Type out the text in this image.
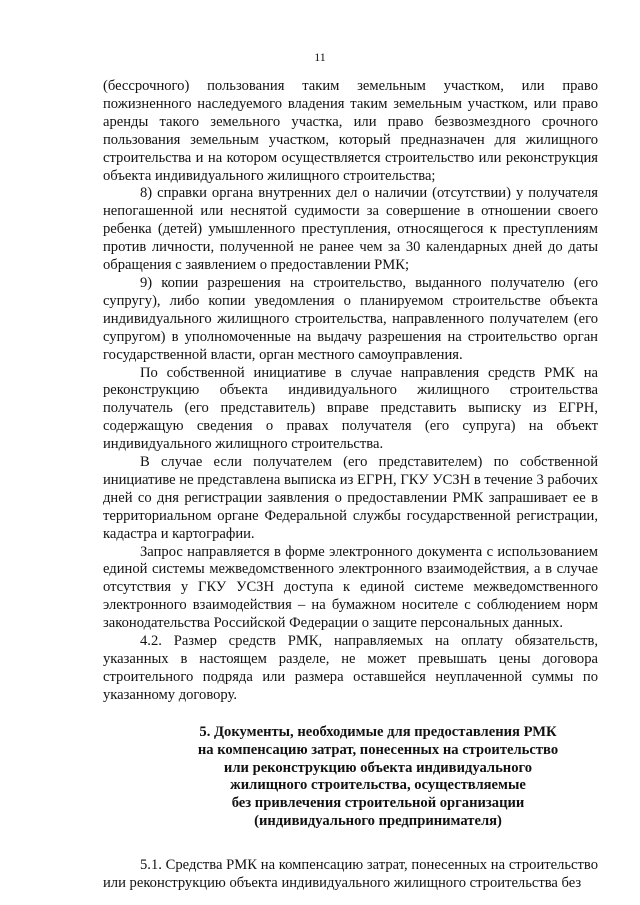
11

(бессрочного) пользования таким земельным участком, или право пожизненного наследуемого владения таким земельным участком, или право аренды такого земельного участка, или право безвозмездного срочного пользования земельным участком, который предназначен для жилищного строительства и на котором осуществляется строительство или реконструкция объекта индивидуального жилищного строительства;

8) справки органа внутренних дел о наличии (отсутствии) у получателя непогашенной или неснятой судимости за совершение в отношении своего ребенка (детей) умышленного преступления, относящегося к преступлениям против личности, полученной не ранее чем за 30 календарных дней до даты обращения с заявлением о предоставлении РМК;

9) копии разрешения на строительство, выданного получателю (его супругу), либо копии уведомления о планируемом строительстве объекта индивидуального жилищного строительства, направленного получателем (его супругом) в уполномоченные на выдачу разрешения на строительство орган государственной власти, орган местного самоуправления.

По собственной инициативе в случае направления средств РМК на реконструкцию объекта индивидуального жилищного строительства получатель (его представитель) вправе представить выписку из ЕГРН, содержащую сведения о правах получателя (его супруга) на объект индивидуального жилищного строительства.

В случае если получателем (его представителем) по собственной инициативе не представлена выписка из ЕГРН, ГКУ УСЗН в течение 3 рабочих дней со дня регистрации заявления о предоставлении РМК запрашивает ее в территориальном органе Федеральной службы государственной регистрации, кадастра и картографии.

Запрос направляется в форме электронного документа с использованием единой системы межведомственного электронного взаимодействия, а в случае отсутствия у ГКУ УСЗН доступа к единой системе межведомственного электронного взаимодействия – на бумажном носителе с соблюдением норм законодательства Российской Федерации о защите персональных данных.

4.2. Размер средств РМК, направляемых на оплату обязательств, указанных в настоящем разделе, не может превышать цены договора строительного подряда или размера оставшейся неуплаченной суммы по указанному договору.

5. Документы, необходимые для предоставления РМК
на компенсацию затрат, понесенных на строительство
или реконструкцию объекта индивидуального
жилищного строительства, осуществляемые
без привлечения строительной организации
(индивидуального предпринимателя)

5.1. Средства РМК на компенсацию затрат, понесенных на строительство или реконструкцию объекта индивидуального жилищного строительства без
